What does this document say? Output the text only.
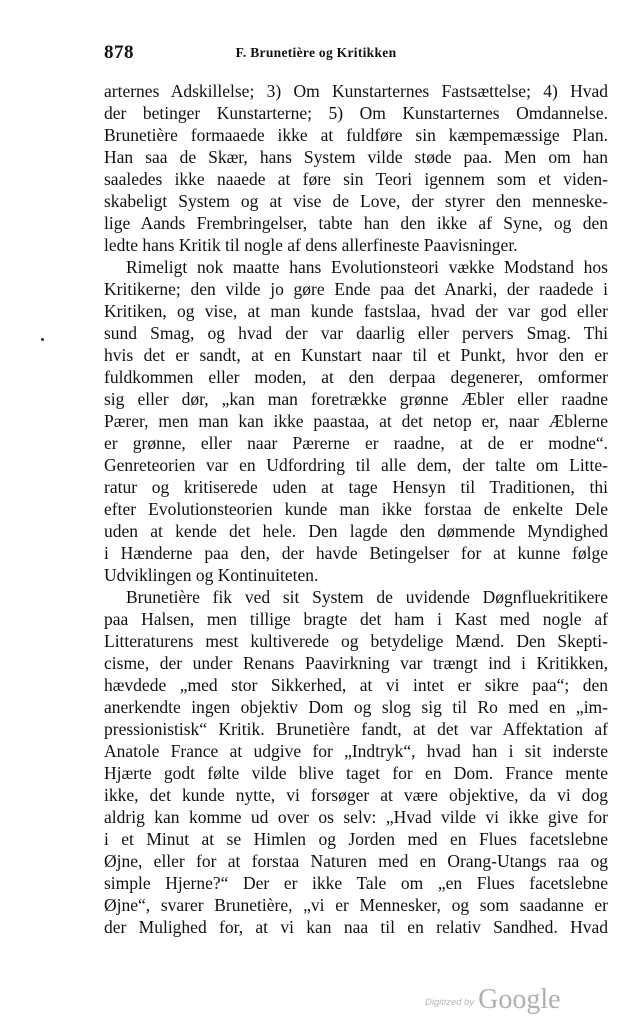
878	F. Brunetière og Kritikken
arternes Adskillelse; 3) Om Kunstarternes Fastsættelse; 4) Hvad
der betinger Kunstarterne; 5) Om Kunstarternes Omdannelse.
Brunetière formaaede ikke at fuldføre sin kæmpemæssige Plan.
Han saa de Skær, hans System vilde støde paa. Men om han
saaledes ikke naaede at føre sin Teori igennem som et viden-
skabeligt System og at vise de Love, der styrer den menneske-
lige Aands Frembringelser, tabte han den ikke af Syne, og den
ledte hans Kritik til nogle af dens allerfineste Paavisninger.
Rimeligt nok maatte hans Evolutionsteori vække Modstand hos
Kritikerne; den vilde jo gøre Ende paa det Anarki, der raadede i
Kritiken, og vise, at man kunde fastslaa, hvad der var god eller
sund Smag, og hvad der var daarlig eller pervers Smag. Thi
hvis det er sandt, at en Kunstart naar til et Punkt, hvor den er
fuldkommen eller moden, at den derpaa degenerer, omformer
sig eller dør, „kan man foretrække grønne Æbler eller raadne
Pærer, men man kan ikke paastaa, at det netop er, naar Æblerne
er grønne, eller naar Pærerne er raadne, at de er modne“.
Genreteorien var en Udfordring til alle dem, der talte om Litte-
ratur og kritiserede uden at tage Hensyn til Traditionen, thi
efter Evolutionsteorien kunde man ikke forstaa de enkelte Dele
uden at kende det hele. Den lagde den dømmende Myndighed
i Hænderne paa den, der havde Betingelser for at kunne følge
Udviklingen og Kontinuiteten.
Brunetière fik ved sit System de uvidende Døgnfluekritikere
paa Halsen, men tillige bragte det ham i Kast med nogle af
Litteraturens mest kultiverede og betydelige Mænd. Den Skepti-
cisme, der under Renans Paavirkning var trængt ind i Kritikken,
hævdede „med stor Sikkerhed, at vi intet er sikre paa“; den
anerkendte ingen objektiv Dom og slog sig til Ro med en „im-
pressionistisk“ Kritik. Brunetière fandt, at det var Affektation af
Anatole France at udgive for „Indtryk“, hvad han i sit inderste
Hjærte godt følte vilde blive taget for en Dom. France mente
ikke, det kunde nytte, vi forsøger at være objektive, da vi dog
aldrig kan komme ud over os selv: „Hvad vilde vi ikke give for
i et Minut at se Himlen og Jorden med en Flues facetslebne
Øjne, eller for at forstaa Naturen med en Orang-Utangs raa og
simple Hjerne?“ Der er ikke Tale om „en Flues facetslebne
Øjne“, svarer Brunetière, „vi er Mennesker, og som saadanne er
der Mulighed for, at vi kan naa til en relativ Sandhed. Hvad
Digitized by Google
